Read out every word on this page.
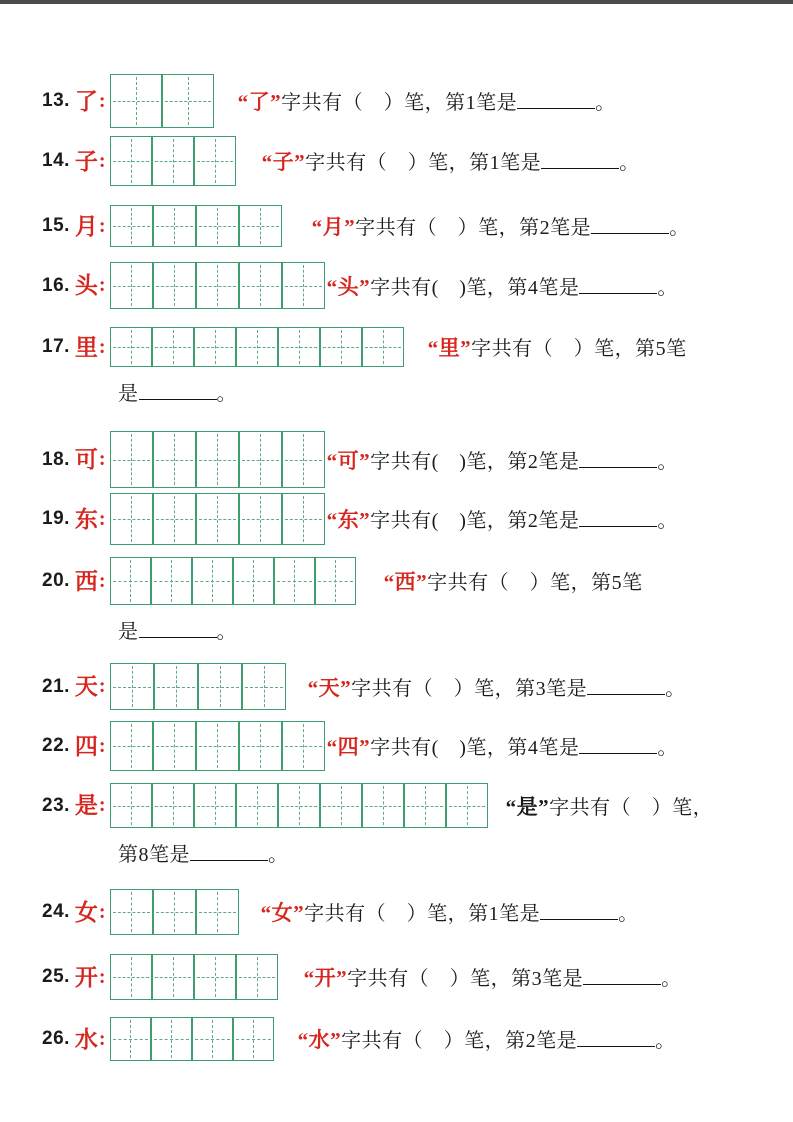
13. 了 :	“了”字共有（　）笔，第1笔是	。
14. 子 :	“子”字共有（　）笔，第1笔是	。
15. 月 :	“月”字共有（　）笔，第2笔是	。
16. 头 :	“头”字共有(　)笔，第4笔是	。
17. 里 :	“里”字共有（　）笔，第5笔
是	。
18. 可 :	“可”字共有(　)笔，第2笔是	。
19. 东 :	“东”字共有(　)笔，第2笔是	。
20. 西 :	“西”字共有（　）笔，第5笔
是	。
21. 天 :	“天”字共有（　）笔，第3笔是	。
22. 四 :	“四”字共有(　)笔，第4笔是	。
23. 是 :	“是”字共有（　）笔，
第8笔是	。
24. 女 :	“女”字共有（　）笔，第1笔是	。
25. 开 :	“开”字共有（　）笔，第3笔是	。
26. 水 :	“水”字共有（　）笔，第2笔是	。
